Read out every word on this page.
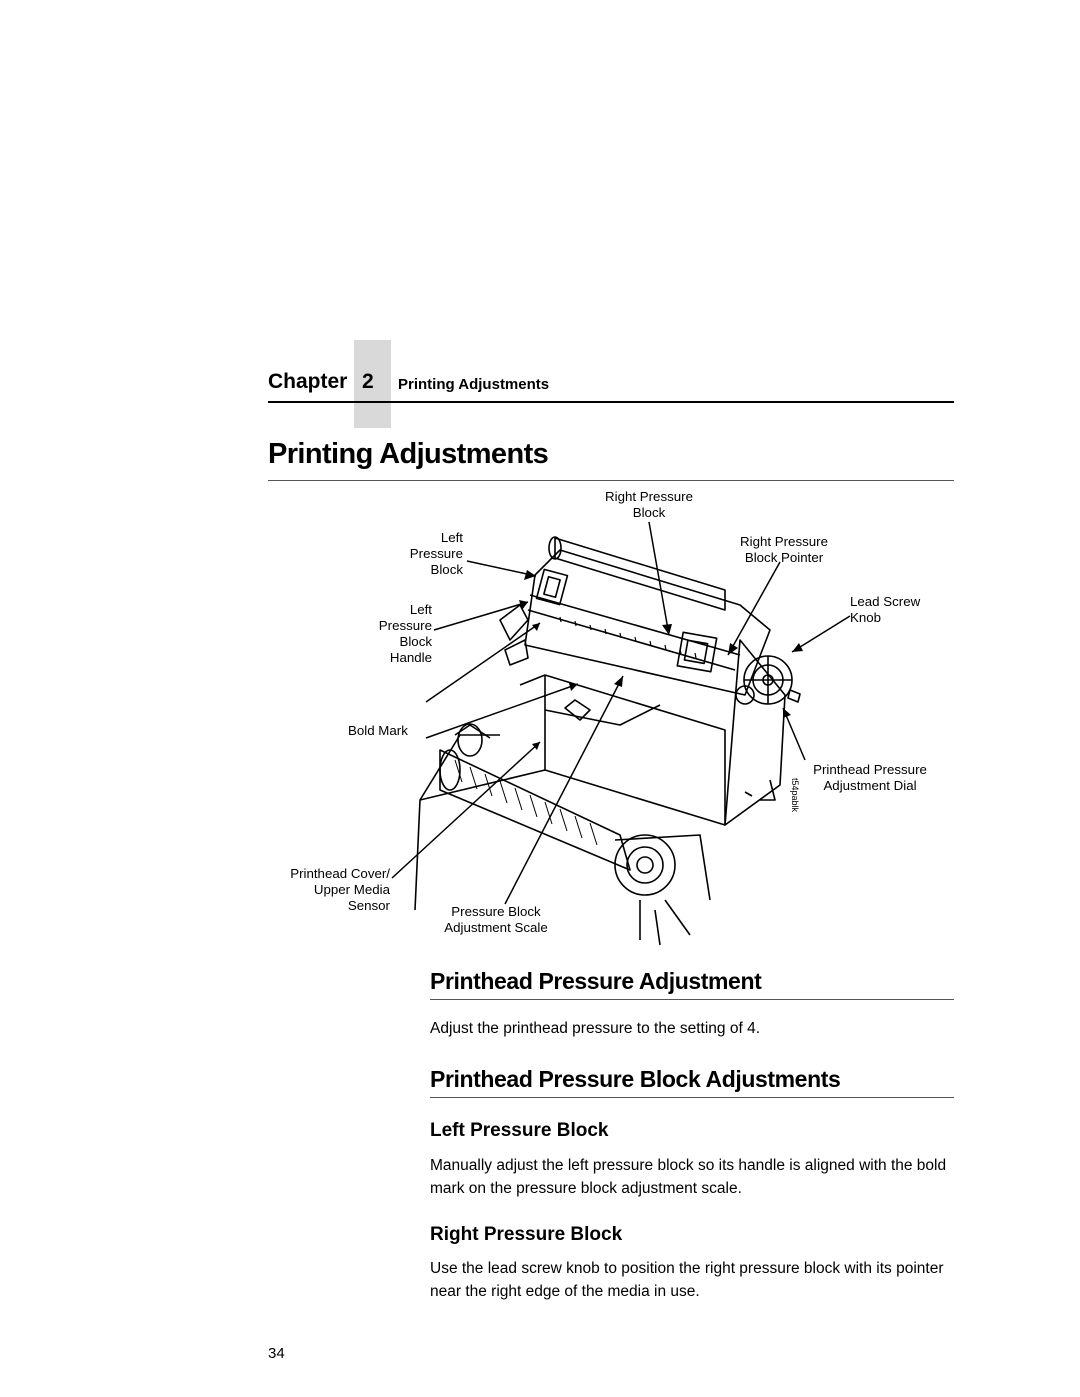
Chapter 2 Printing Adjustments
Printing Adjustments
Right Pressure
Block
Left
Pressure
Block
Right Pressure
Block Pointer
Lead Screw
Knob
Left
Pressure
Block
Handle
Bold Mark
Printhead Pressure
Adjustment Dial
Printhead Cover/
Upper Media
Sensor	Pressure Block
Adjustment Scale
t54pablk
Printhead Pressure Adjustment
Adjust the printhead pressure to the setting of 4.
Printhead Pressure Block Adjustments
Left Pressure Block
Manually adjust the left pressure block so its handle is aligned with the bold mark on the pressure block adjustment scale.
Right Pressure Block
Use the lead screw knob to position the right pressure block with its pointer near the right edge of the media in use.
34
